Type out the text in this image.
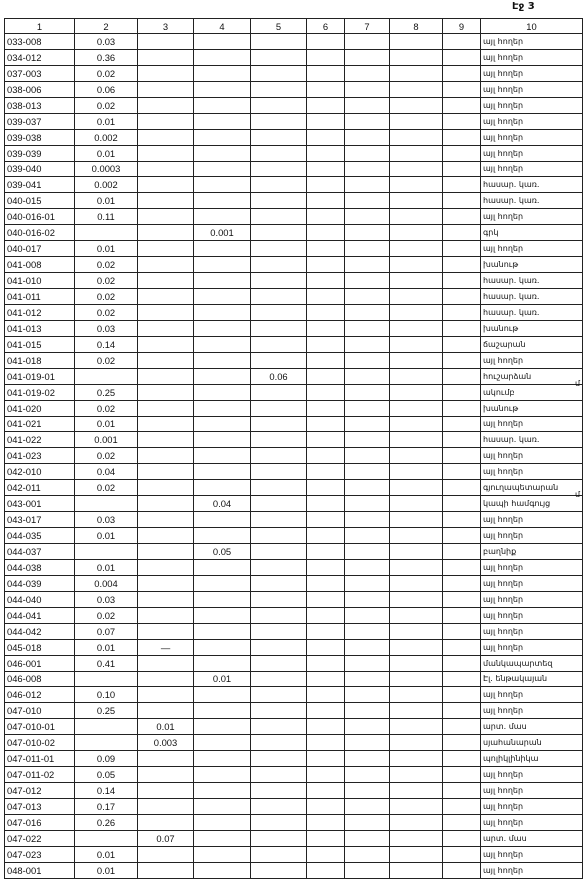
Էջ 3
1	2	3	4	5	6	7	8	9	10
033-008	0.03								այլ հողեր
034-012	0.36								այլ հողեր
037-003	0.02								այլ հողեր
038-006	0.06								այլ հողեր
038-013	0.02								այլ հողեր
039-037	0.01								այլ հողեր
039-038	0.002								այլ հողեր
039-039	0.01								այլ հողեր
039-040	0.0003								այլ հողեր
039-041	0.002								հասար. կառ.
040-015	0.01								հասար. կառ.
040-016-01	0.11								այլ հողեր
040-016-02			0.001						գրկ
040-017	0.01								այլ հողեր
041-008	0.02								խանութ
041-010	0.02								հասար. կառ.
041-011	0.02								հասար. կառ.
041-012	0.02								հասար. կառ.
041-013	0.03								խանութ
041-015	0.14								ճաշարան
041-018	0.02								այլ հողեր
041-019-01				0.06					հուշարձան
041-019-02	0.25								ակումբ
041-020	0.02								խանութ
041-021	0.01								այլ հողեր
041-022	0.001								հասար. կառ.
041-023	0.02								այլ հողեր
042-010	0.04								այլ հողեր
042-011	0.02								գյուղապետարան
043-001			0.04						կապի համգույց
043-017	0.03								այլ հողեր
044-035	0.01								այլ հողեր
044-037			0.05						բաղնիք
044-038	0.01								այլ հողեր
044-039	0.004								այլ հողեր
044-040	0.03								այլ հողեր
044-041	0.02								այլ հողեր
044-042	0.07								այլ հողեր
045-018	0.01	—							այլ հողեր
046-001	0.41								մանկապարտեզ
046-008			0.01						Էլ. ենթակայան
046-012	0.10								այլ հողեր
047-010	0.25								այլ հողեր
047-010-01		0.01							արտ. մաս
047-010-02		0.003							սյահանարան
047-011-01	0.09								պոլիկլինիկա
047-011-02	0.05								այլ հողեր
047-012	0.14								այլ հողեր
047-013	0.17								այլ հողեր
047-016	0.26								այլ հողեր
047-022		0.07							արտ. մաս
047-023	0.01								այլ հողեր
048-001	0.01								այլ հողեր
մ
մ
